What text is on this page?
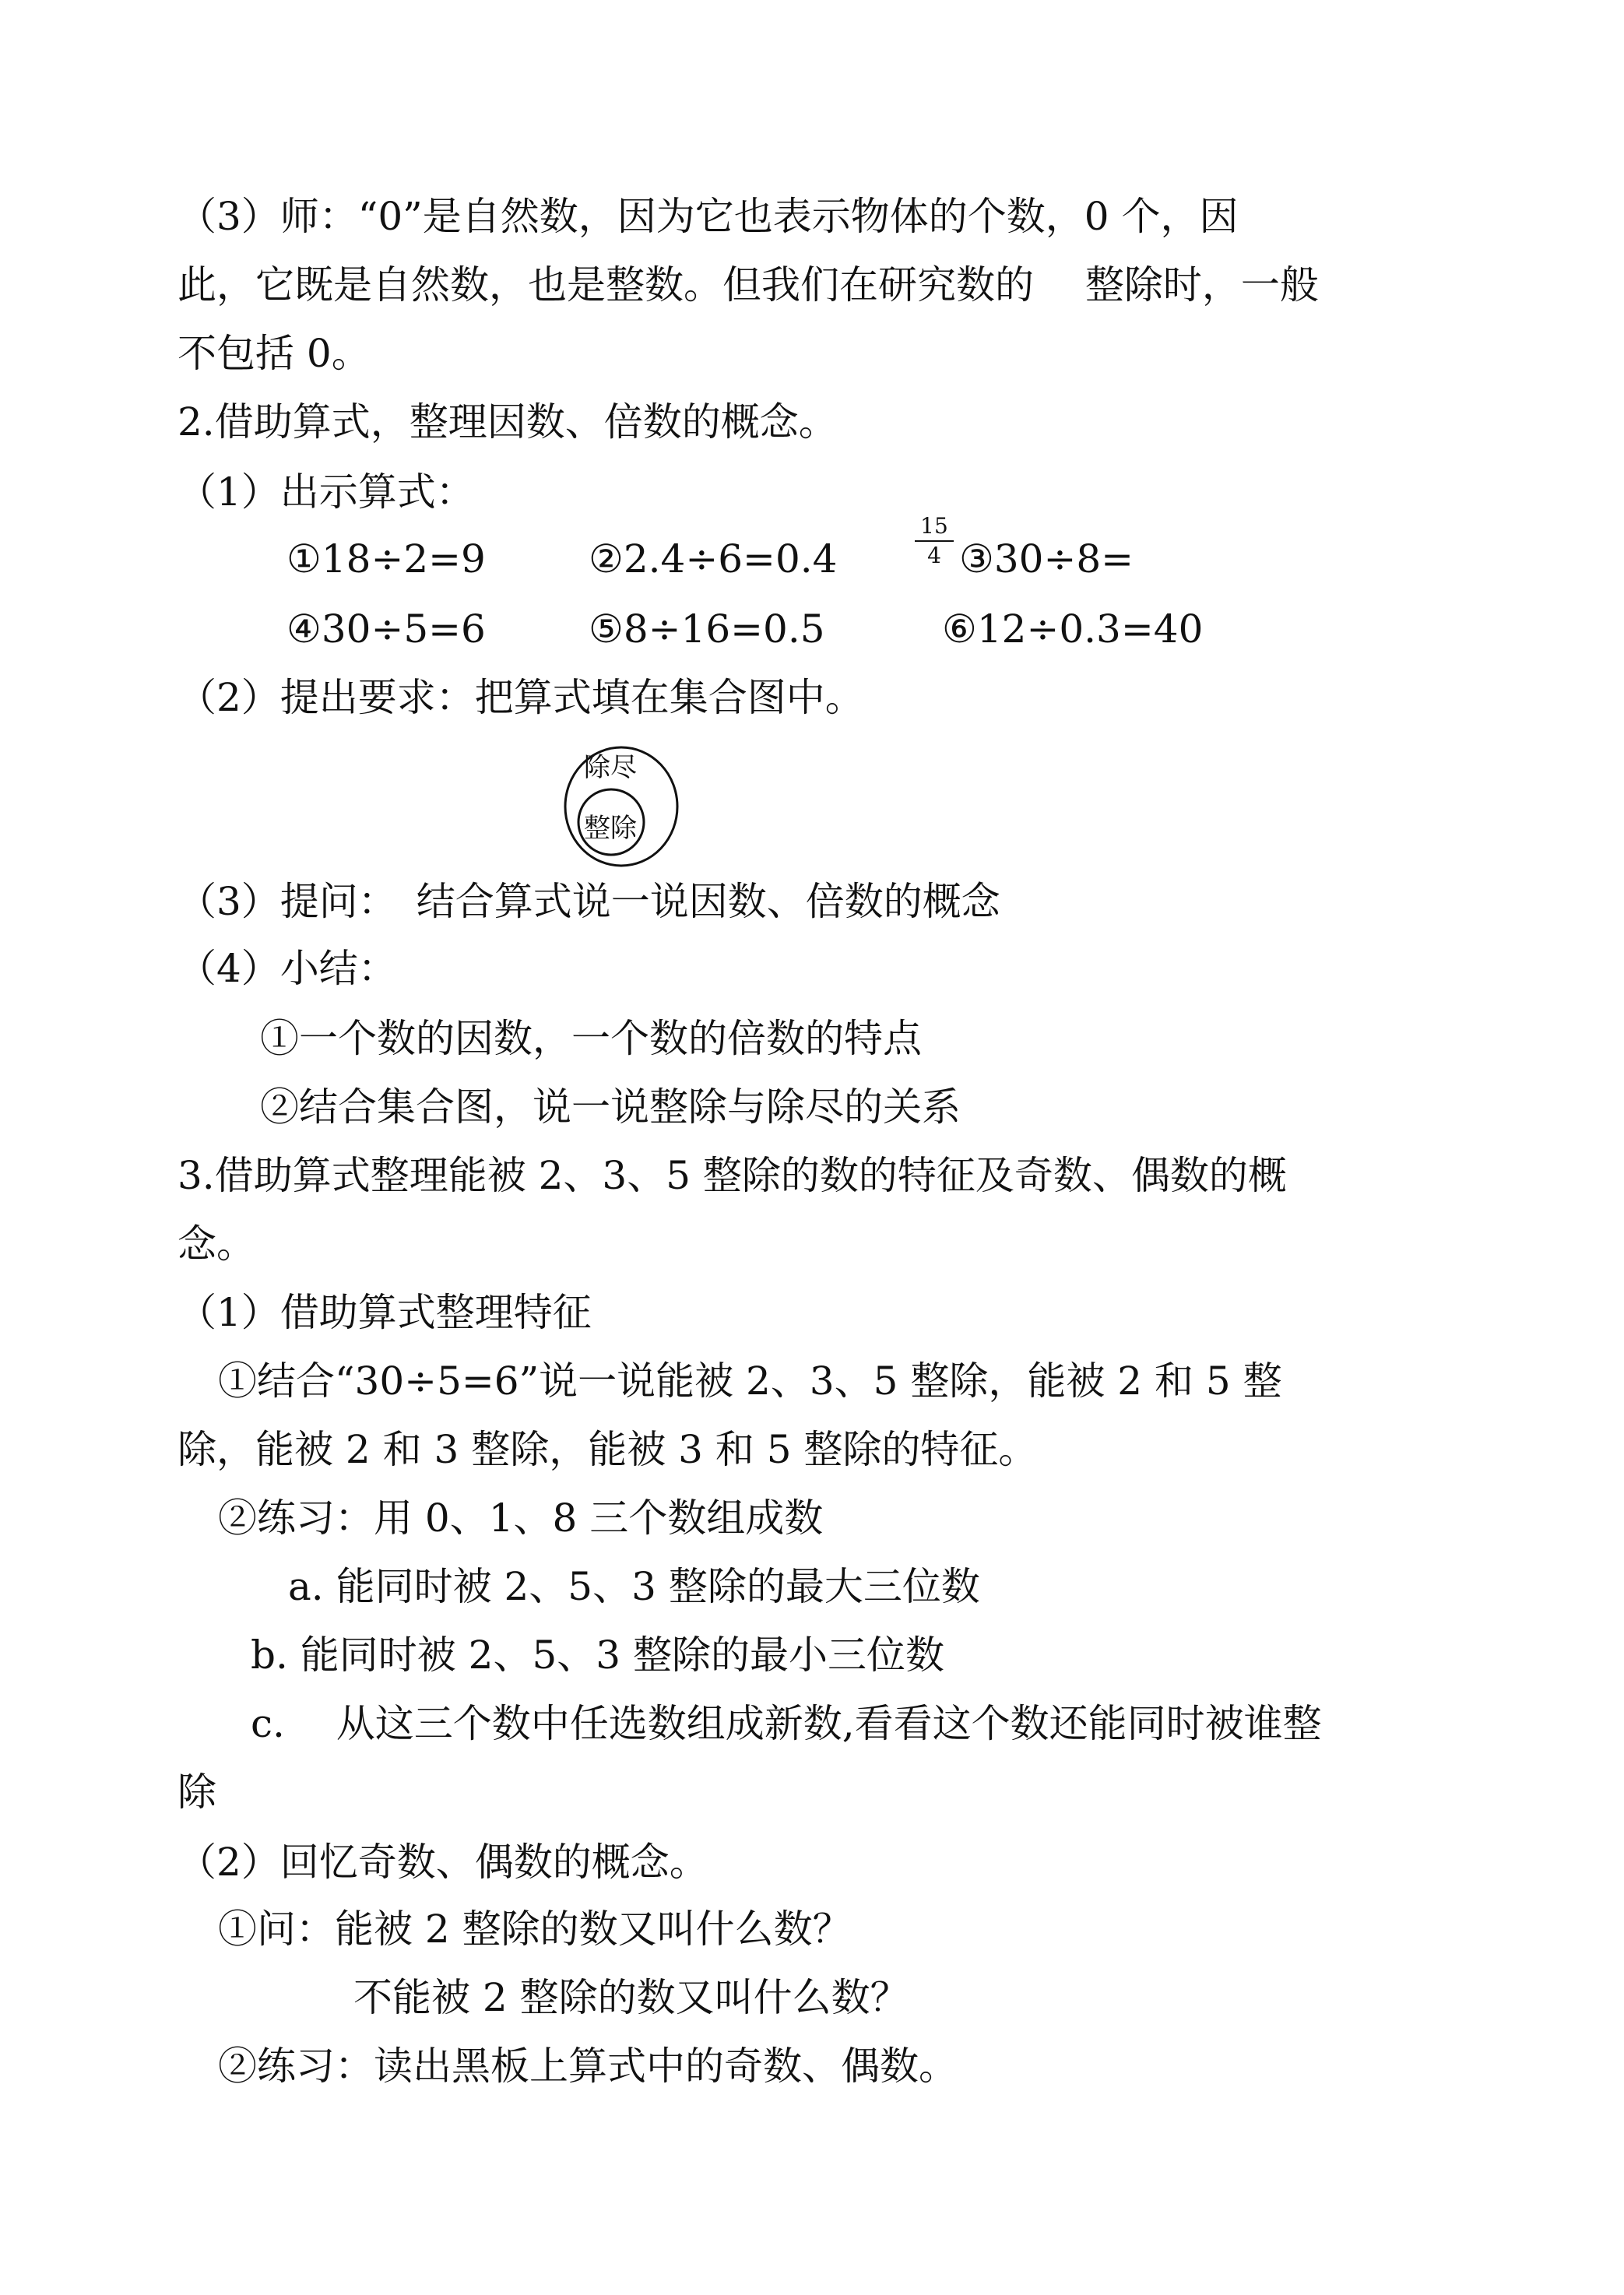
（3）师：“0”是自然数，因为它也表示物体的个数，0 个，因
此，它既是自然数，也是整数。但我们在研究数的　 整除时，一般
不包括 0。
2.借助算式，整理因数、倍数的概念。
（1）出示算式：
①18÷2=9	②2.4÷6=0.4	$\frac{15}{4}$ ③30÷8=
④30÷5=6	⑤8÷16=0.5	⑥12÷0.3=40
（2）提出要求：把算式填在集合图中。
除尽
整除
（3）提问：　结合算式说一说因数、倍数的概念
（4）小结：
①一个数的因数，一个数的倍数的特点
②结合集合图，说一说整除与除尽的关系
3.借助算式整理能被 2、3、5 整除的数的特征及奇数、偶数的概
念。
（1）借助算式整理特征
①结合“30÷5=6”说一说能被 2、3、5 整除，能被 2 和 5 整
除，能被 2 和 3 整除，能被 3 和 5 整除的特征。
②练习：用 0、1、8 三个数组成数
a. 能同时被 2、5、3 整除的最大三位数
b. 能同时被 2、5、3 整除的最小三位数
c.　 从这三个数中任选数组成新数,看看这个数还能同时被谁整
除
（2）回忆奇数、偶数的概念。
①问：能被 2 整除的数又叫什么数？
不能被 2 整除的数又叫什么数？
②练习：读出黑板上算式中的奇数、偶数。
